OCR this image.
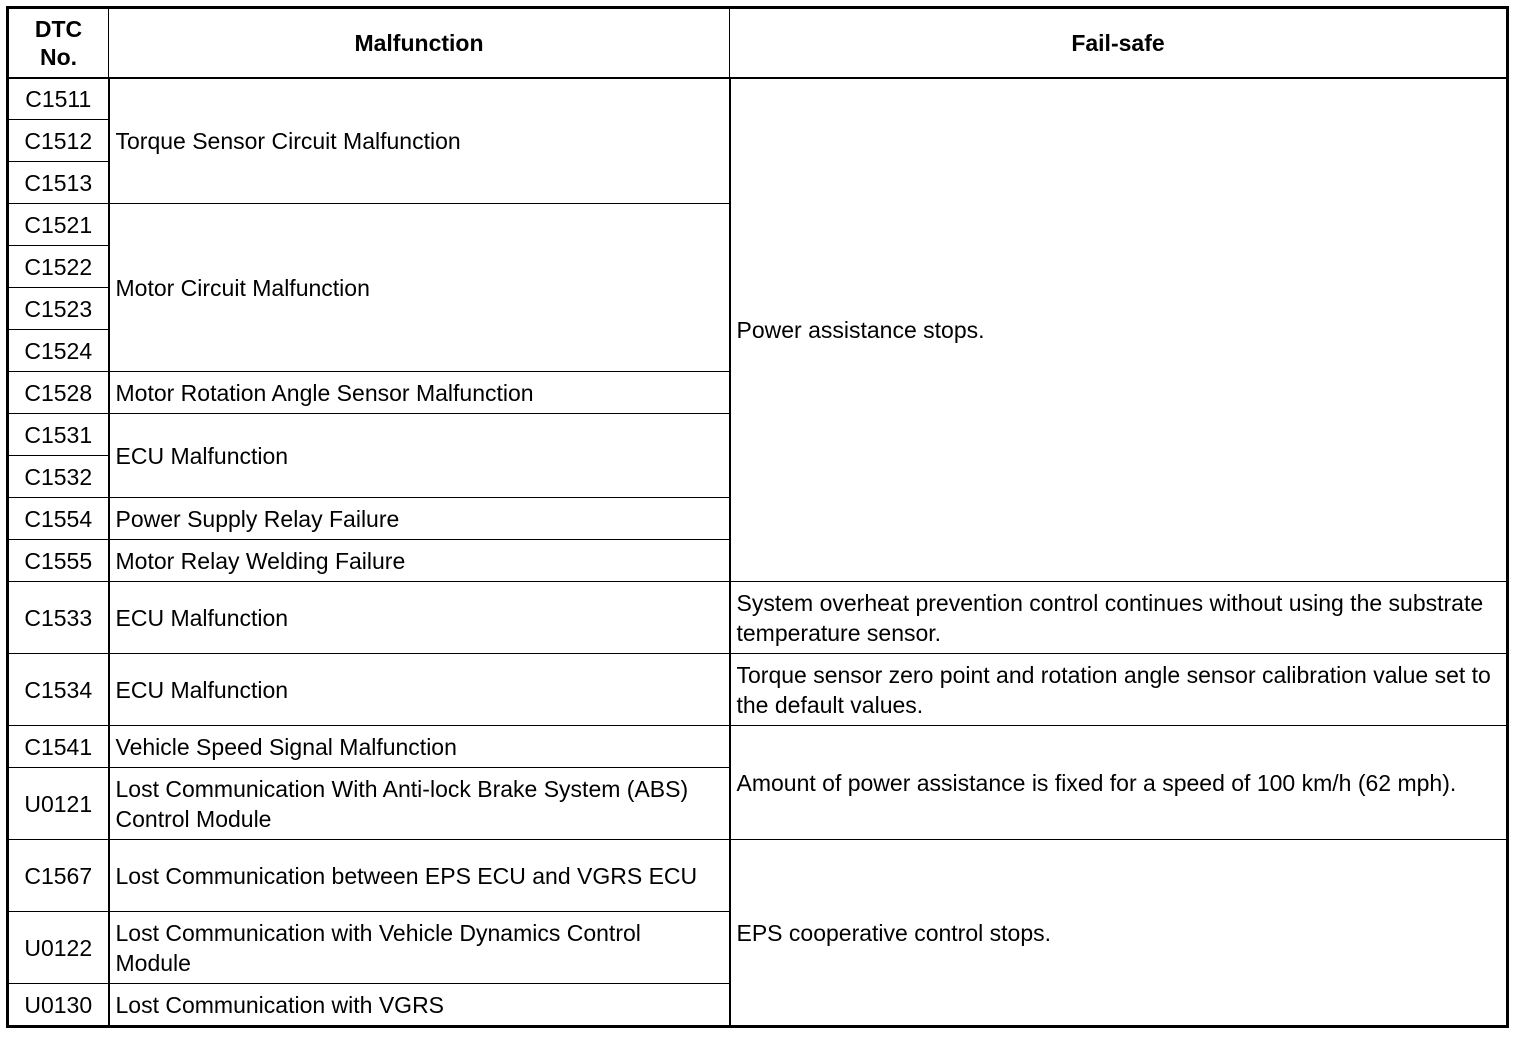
DTC
No.	Malfunction	Fail-safe
C1511	Torque Sensor Circuit Malfunction	Power assistance stops.
C1512		
C1513		
C1521	Motor Circuit Malfunction	
C1522		
C1523		
C1524		
C1528	Motor Rotation Angle Sensor Malfunction	
C1531	ECU Malfunction	
C1532		
C1554	Power Supply Relay Failure	
C1555	Motor Relay Welding Failure	
C1533	ECU Malfunction	System overheat prevention control continues without using the substrate temperature sensor.
C1534	ECU Malfunction	Torque sensor zero point and rotation angle sensor calibration value set to the default values.
C1541	Vehicle Speed Signal Malfunction	Amount of power assistance is fixed for a speed of 100 km/h (62 mph).
U0121	Lost Communication With Anti-lock Brake System (ABS) Control Module	
C1567	Lost Communication between EPS ECU and VGRS ECU	EPS cooperative control stops.
U0122	Lost Communication with Vehicle Dynamics Control Module	
U0130	Lost Communication with VGRS	
